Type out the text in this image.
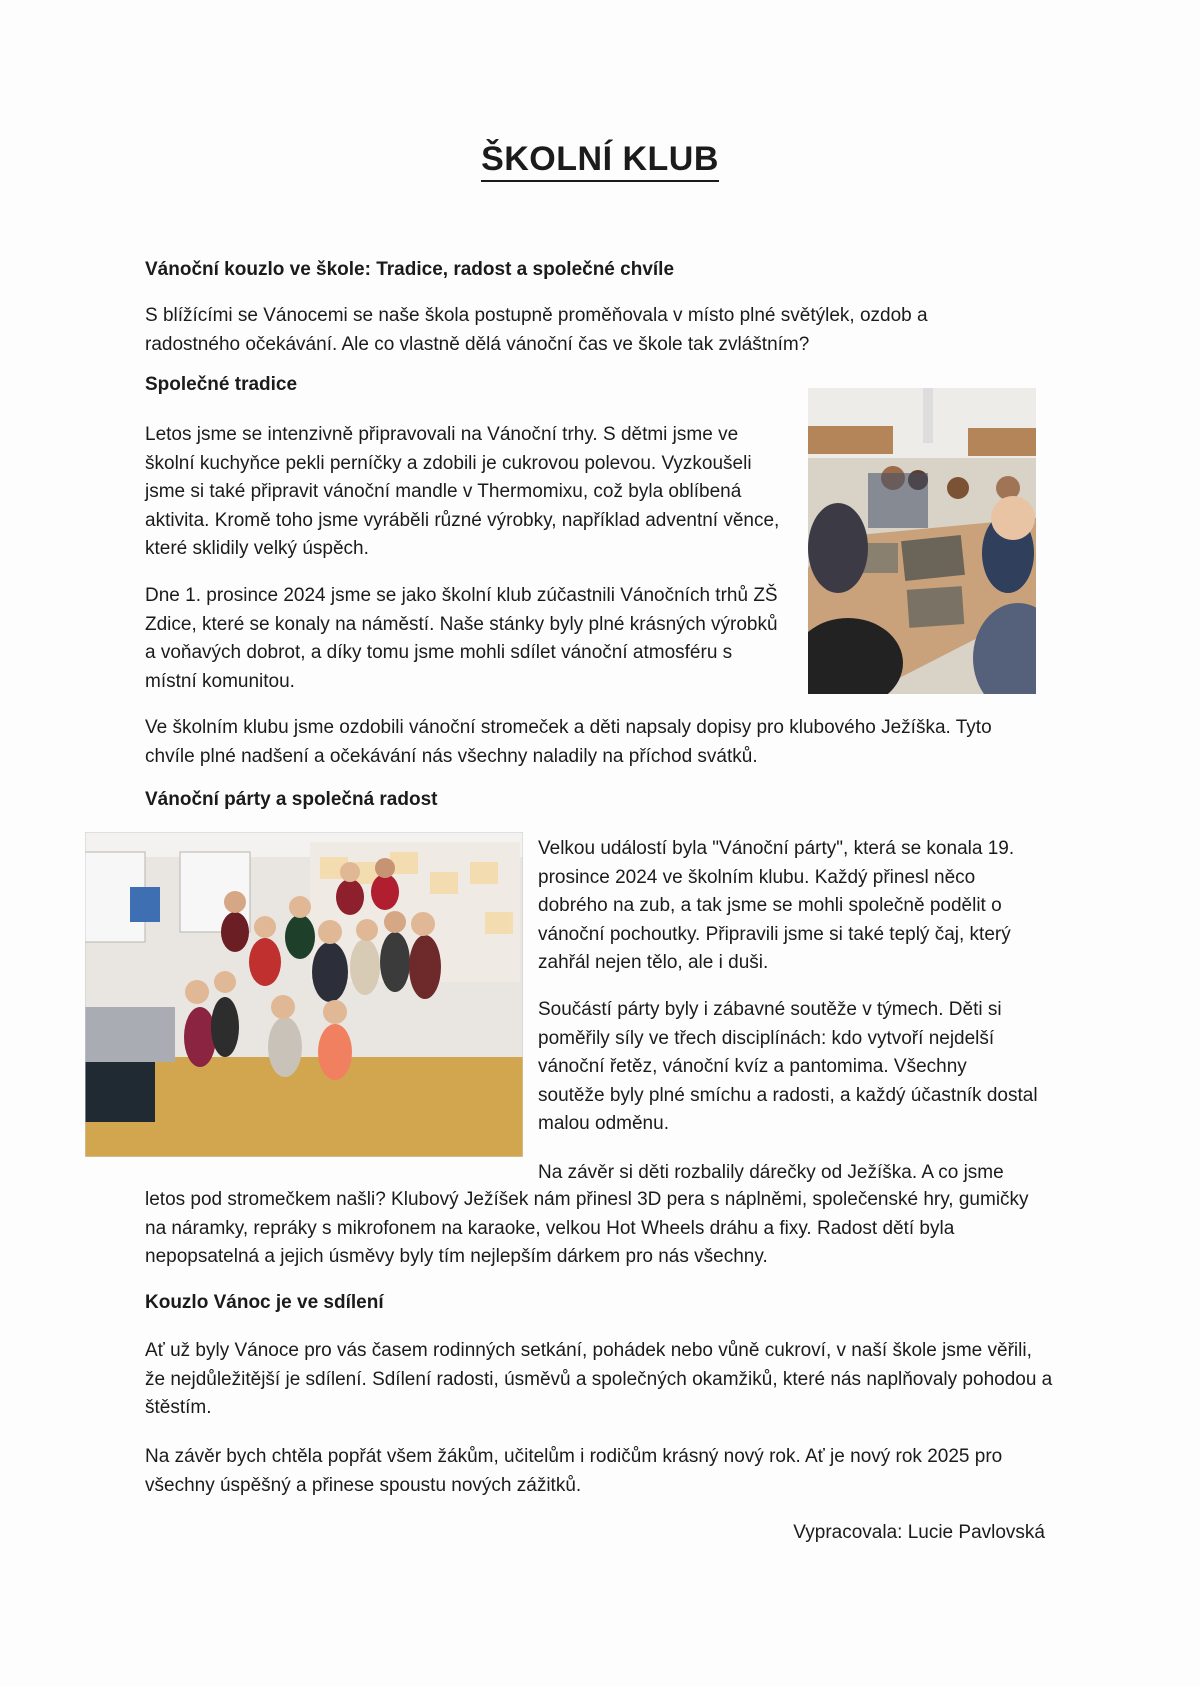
ŠKOLNÍ KLUB

Vánoční kouzlo ve škole: Tradice, radost a společné chvíle

S blížícími se Vánocemi se naše škola postupně proměňovala v místo plné světýlek, ozdob a radostného očekávání. Ale co vlastně dělá vánoční čas ve škole tak zvláštním?

Společné tradice

Letos jsme se intenzivně připravovali na Vánoční trhy. S dětmi jsme ve školní kuchyňce pekli perníčky a zdobili je cukrovou polevou. Vyzkoušeli jsme si také připravit vánoční mandle v Thermomixu, což byla oblíbená aktivita. Kromě toho jsme vyráběli různé výrobky, například adventní věnce, které sklidily velký úspěch.

Dne 1. prosince 2024 jsme se jako školní klub zúčastnili Vánočních trhů ZŠ Zdice, které se konaly na náměstí. Naše stánky byly plné krásných výrobků a voňavých dobrot, a díky tomu jsme mohli sdílet vánoční atmosféru s místní komunitou.

Ve školním klubu jsme ozdobili vánoční stromeček a děti napsaly dopisy pro klubového Ježíška. Tyto chvíle plné nadšení a očekávání nás všechny naladily na příchod svátků.

Vánoční párty a společná radost

Velkou událostí byla "Vánoční párty", která se konala 19. prosince 2024 ve školním klubu. Každý přinesl něco dobrého na zub, a tak jsme se mohli společně podělit o vánoční pochoutky. Připravili jsme si také teplý čaj, který zahřál nejen tělo, ale i duši.

Součástí párty byly i zábavné soutěže v týmech. Děti si poměřily síly ve třech disciplínách: kdo vytvoří nejdelší vánoční řetěz, vánoční kvíz a pantomima. Všechny soutěže byly plné smíchu a radosti, a každý účastník dostal malou odměnu.

Na závěr si děti rozbalily dárečky od Ježíška. A co jsme

letos pod stromečkem našli? Klubový Ježíšek nám přinesl 3D pera s náplněmi, společenské hry, gumičky na náramky, repráky s mikrofonem na karaoke, velkou Hot Wheels dráhu a fixy. Radost dětí byla nepopsatelná a jejich úsměvy byly tím nejlepším dárkem pro nás všechny.

Kouzlo Vánoc je ve sdílení

Ať už byly Vánoce pro vás časem rodinných setkání, pohádek nebo vůně cukroví, v naší škole jsme věřili, že nejdůležitější je sdílení. Sdílení radosti, úsměvů a společných okamžiků, které nás naplňovaly pohodou a štěstím.

Na závěr bych chtěla popřát všem žákům, učitelům i rodičům krásný nový rok. Ať je nový rok 2025 pro všechny úspěšný a přinese spoustu nových zážitků.

Vypracovala: Lucie Pavlovská
